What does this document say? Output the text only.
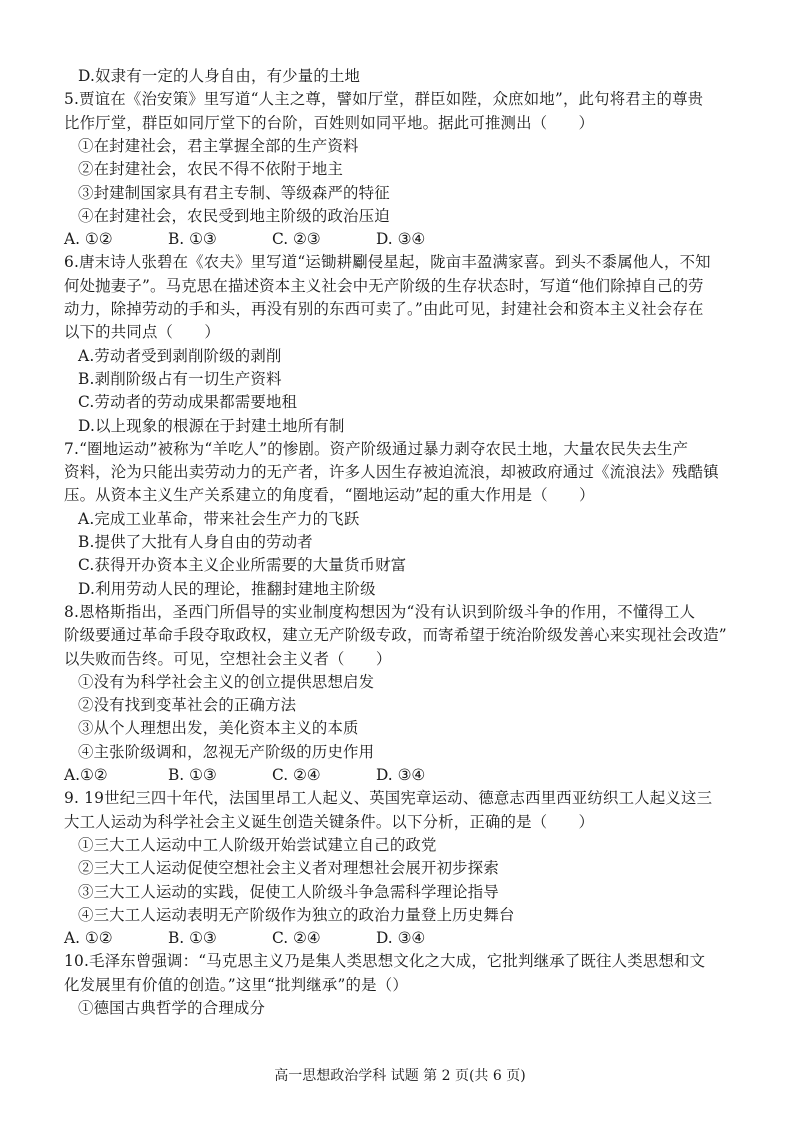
D.奴隶有一定的人身自由，有少量的土地
5.贾谊在《治安策》里写道“人主之尊，譬如厅堂，群臣如陛，众庶如地”，此句将君主的尊贵
比作厅堂，群臣如同厅堂下的台阶，百姓则如同平地。据此可推测出（　　）
①在封建社会，君主掌握全部的生产资料
②在封建社会，农民不得不依附于地主
③封建制国家具有君主专制、等级森严的特征
④在封建社会，农民受到地主阶级的政治压迫
A. ①②	B. ①③	C. ②③	D. ③④
6.唐末诗人张碧在《农夫》里写道“运锄耕劚侵星起，陇亩丰盈满家喜。到头不黍属他人，不知
何处抛妻子”。马克思在描述资本主义社会中无产阶级的生存状态时，写道“他们除掉自己的劳
动力，除掉劳动的手和头，再没有别的东西可卖了。”由此可见，封建社会和资本主义社会存在
以下的共同点（　　）
A.劳动者受到剥削阶级的剥削
B.剥削阶级占有一切生产资料
C.劳动者的劳动成果都需要地租
D.以上现象的根源在于封建土地所有制
7.“圈地运动”被称为“羊吃人”的惨剧。资产阶级通过暴力剥夺农民土地，大量农民失去生产
资料，沦为只能出卖劳动力的无产者，许多人因生存被迫流浪，却被政府通过《流浪法》残酷镇
压。从资本主义生产关系建立的角度看，“圈地运动”起的重大作用是（　　）
A.完成工业革命，带来社会生产力的飞跃
B.提供了大批有人身自由的劳动者
C.获得开办资本主义企业所需要的大量货币财富
D.利用劳动人民的理论，推翻封建地主阶级
8.恩格斯指出，圣西门所倡导的实业制度构想因为“没有认识到阶级斗争的作用，不懂得工人
阶级要通过革命手段夺取政权，建立无产阶级专政，而寄希望于统治阶级发善心来实现社会改造”
以失败而告终。可见，空想社会主义者（　　）
①没有为科学社会主义的创立提供思想启发
②没有找到变革社会的正确方法
③从个人理想出发，美化资本主义的本质
④主张阶级调和，忽视无产阶级的历史作用
A.①②	B. ①③	C. ②④	D. ③④
9. 19世纪三四十年代，法国里昂工人起义、英国宪章运动、德意志西里西亚纺织工人起义这三
大工人运动为科学社会主义诞生创造关键条件。以下分析，正确的是（　　）
①三大工人运动中工人阶级开始尝试建立自己的政党
②三大工人运动促使空想社会主义者对理想社会展开初步探索
③三大工人运动的实践，促使工人阶级斗争急需科学理论指导
④三大工人运动表明无产阶级作为独立的政治力量登上历史舞台
A. ①②	B. ①③	C. ②④	D. ③④
10.毛泽东曾强调：“马克思主义乃是集人类思想文化之大成，它批判继承了既往人类思想和文
化发展里有价值的创造。”这里“批判继承”的是（）
①德国古典哲学的合理成分
高一思想政治学科 试题 第 2 页(共 6 页)
